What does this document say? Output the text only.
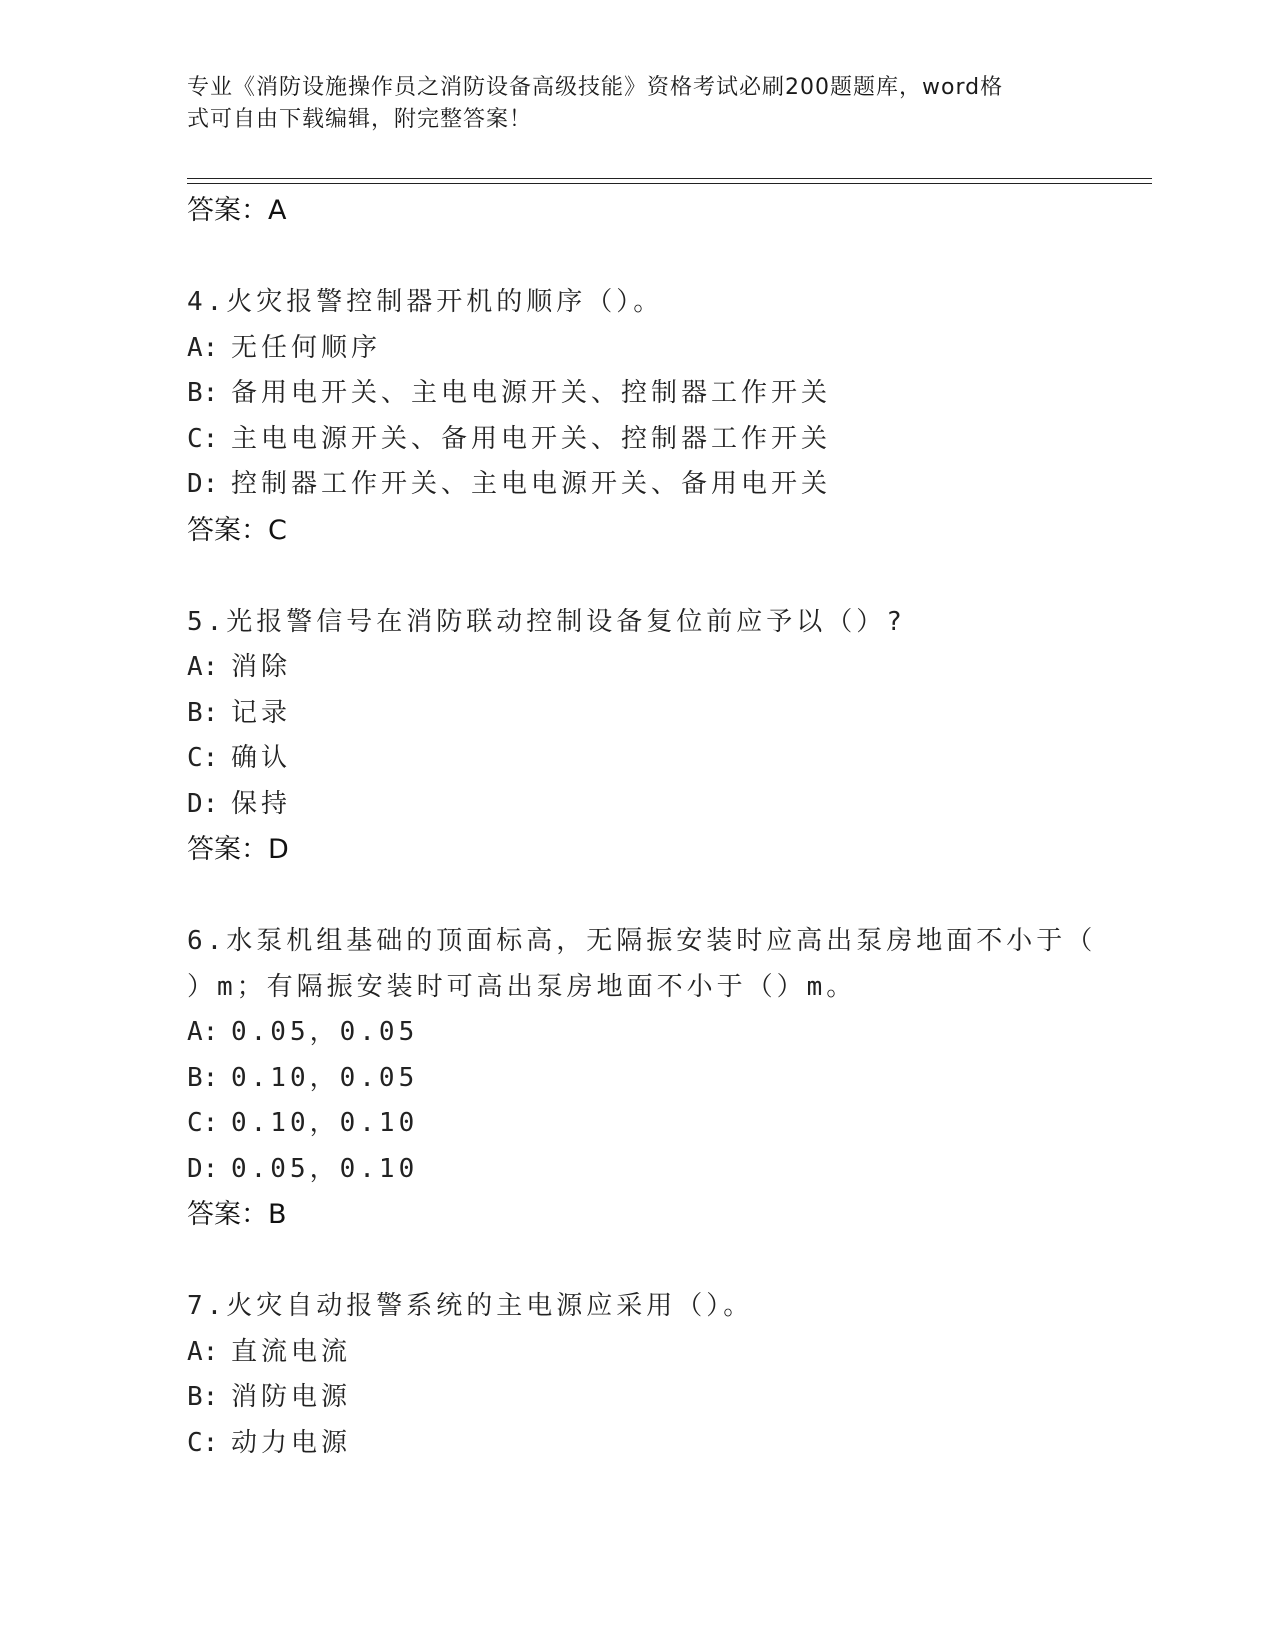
专业《消防设施操作员之消防设备高级技能》资格考试必刷200题题库，word格
式可自由下载编辑，附完整答案！
答案：A
4.火灾报警控制器开机的顺序（）。
A: 无任何顺序
B: 备用电开关、主电电源开关、控制器工作开关
C: 主电电源开关、备用电开关、控制器工作开关
D: 控制器工作开关、主电电源开关、备用电开关
答案：C
5.光报警信号在消防联动控制设备复位前应予以（）?
A: 消除
B: 记录
C: 确认
D: 保持
答案：D
6.水泵机组基础的顶面标高，无隔振安装时应高出泵房地面不小于（
）m；有隔振安装时可高出泵房地面不小于（）m。
A: 0.05，0.05
B: 0.10，0.05
C: 0.10，0.10
D: 0.05，0.10
答案：B
7.火灾自动报警系统的主电源应采用（）。
A: 直流电流
B: 消防电源
C: 动力电源
